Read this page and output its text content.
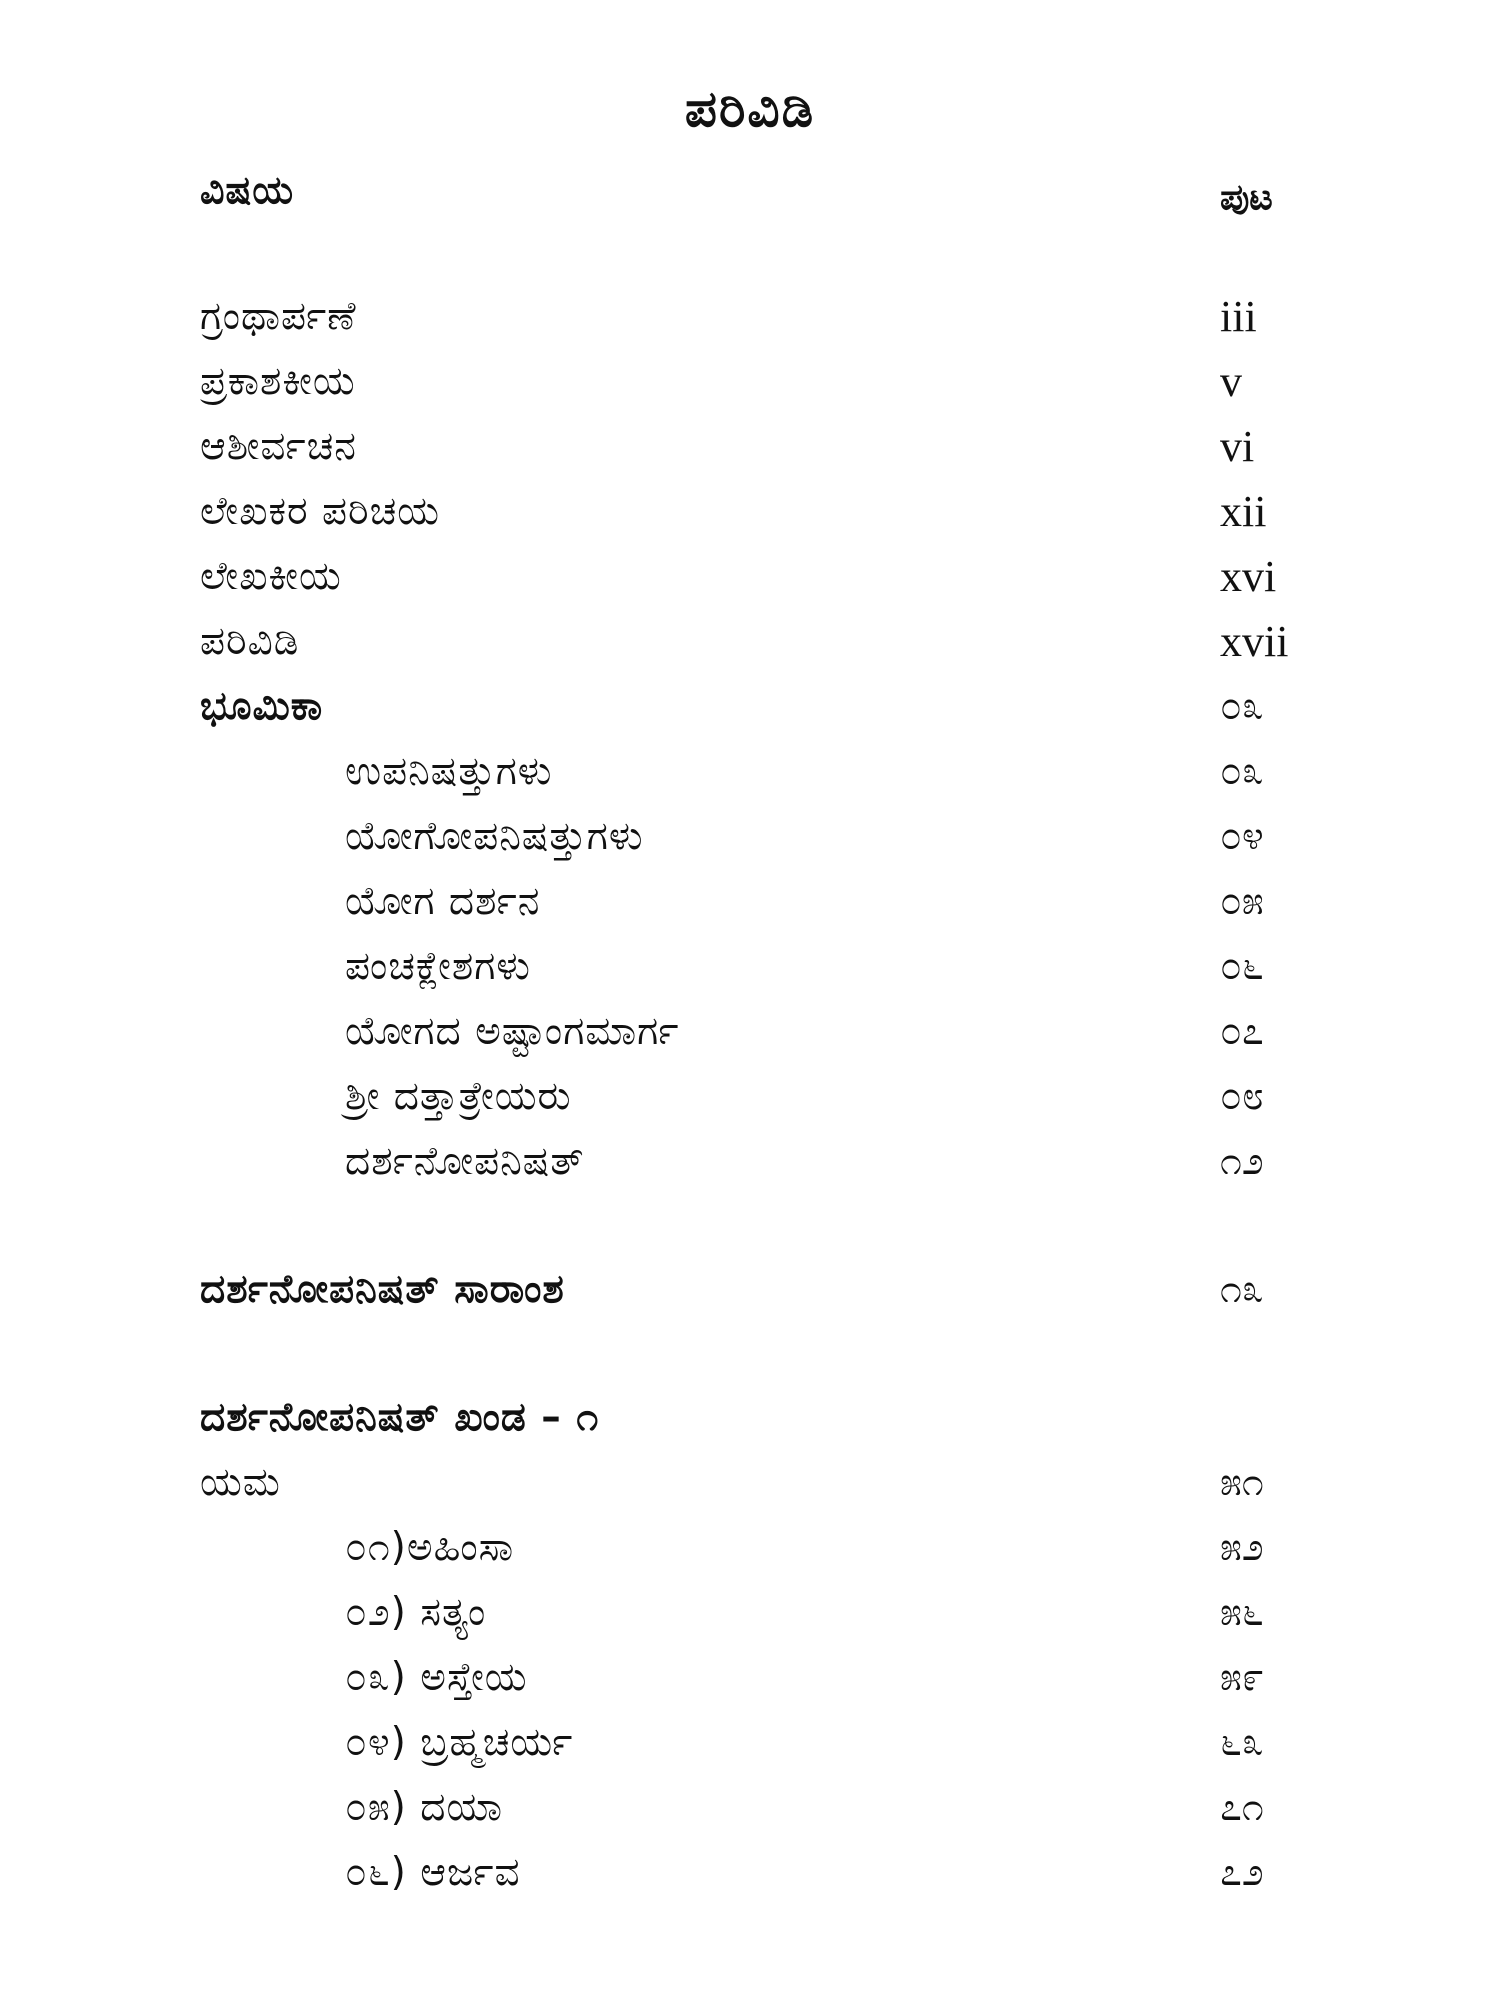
ಪರಿವಿಡಿ
ವಿಷಯ	ಪುಟ
ಗ್ರಂಥಾರ್ಪಣೆ	iii
ಪ್ರಕಾಶಕೀಯ	v
ಆಶೀರ್ವಚನ	vi
ಲೇಖಕರ ಪರಿಚಯ	xii
ಲೇಖಕೀಯ	xvi
ಪರಿವಿಡಿ	xvii
ಭೂಮಿಕಾ	೦೩
ಉಪನಿಷತ್ತುಗಳು	೦೩
ಯೋಗೋಪನಿಷತ್ತುಗಳು	೦೪
ಯೋಗ ದರ್ಶನ	೦೫
ಪಂಚಕ್ಲೇಶಗಳು	೦೬
ಯೋಗದ ಅಷ್ಟಾಂಗಮಾರ್ಗ	೦೭
ಶ್ರೀ ದತ್ತಾತ್ರೇಯರು	೦೮
ದರ್ಶನೋಪನಿಷತ್	೧೨
ದರ್ಶನೋಪನಿಷತ್ ಸಾರಾಂಶ	೧೩
ದರ್ಶನೋಪನಿಷತ್ ಖಂಡ – ೧
ಯಮ	೫೧
೦೧)ಅಹಿಂಸಾ	೫೨
೦೨) ಸತ್ಯಂ	೫೬
೦೩) ಅಸ್ತೇಯ	೫೯
೦೪) ಬ್ರಹ್ಮಚರ್ಯ	೬೩
೦೫) ದಯಾ	೭೧
೦೬) ಆರ್ಜವ	೭೨
